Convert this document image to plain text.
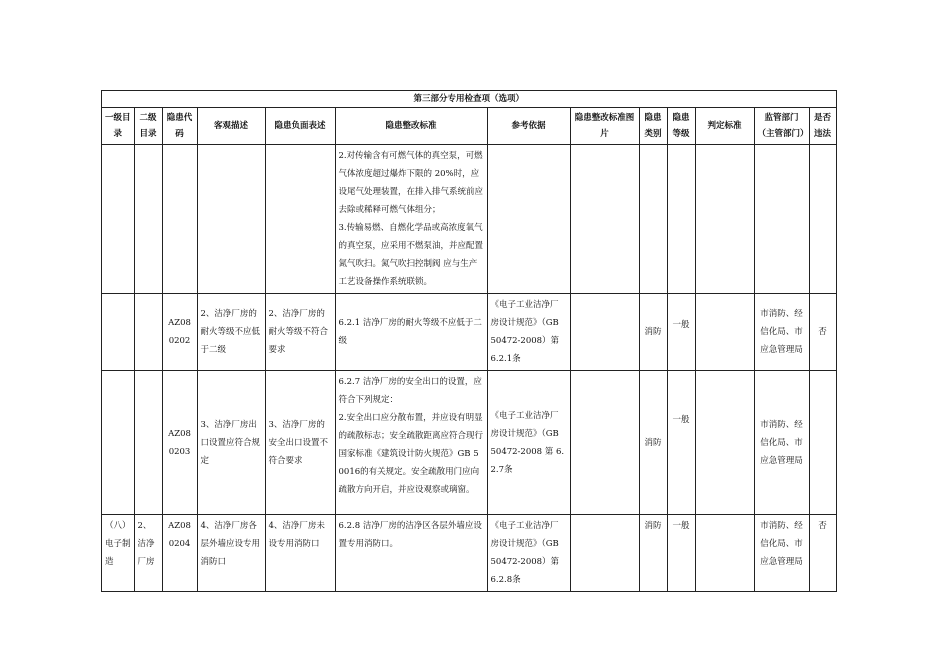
第三部分专用检查项（选项）												
一级目录	二级目录	隐患代码	客观描述	隐患负面表述	隐患整改标准	参考依据	隐患整改标准图片	隐患类别	隐患等级	判定标准	监管部门（主管部门）	是否违法
					2.对传输含有可燃气体的真空泵，可燃气体浓度超过爆炸下限的 20%时，应设尾气处理装置，在排入排气系统前应去除或稀释可燃气体组分；
3.传输易燃、自燃化学品或高浓度氧气的真空泵，应采用不燃泵油，并应配置氮气吹扫。氮气吹扫控制阀 应与生产工艺设备操作系统联锁。							
		AZ080202	2、洁净厂房的耐火等级不应低于二级	2、洁净厂房的耐火等级不符合要求	6.2.1 洁净厂房的耐火等级不应低于二级	《电子工业洁净厂房设计规范》（GB 50472-2008）第 6.2.1条		消防	一般		市消防、经信化局、市应急管理局	否
		AZ080203	3、洁净厂房出口设置应符合规定	3、洁净厂房的安全出口设置不符合要求	6.2.7 洁净厂房的安全出口的设置，应符合下列规定：
2.安全出口应分散布置，并应设有明显的疏散标志；安全疏散距离应符合现行国家标准《建筑设计防火规范》GB 50016的有关规定。安全疏散用门应向疏散方向开启，并应设观察或璃窗。	《电子工业洁净厂房设计规范》（GB 50472-2008 第 6.2.7条		消防	一般		市消防、经信化局、市应急管理局	
（八）电子制造	2、洁净厂房	AZ080204	4、洁净厂房各层外墙应设专用消防口	4、洁净厂房未设专用消防口	6.2.8 洁净厂房的洁净区各层外墙应设置专用消防口。	《电子工业洁净厂房设计规范》（GB 50472-2008）第 6.2.8条		消防	一般		市消防、经信化局、市应急管理局	否
